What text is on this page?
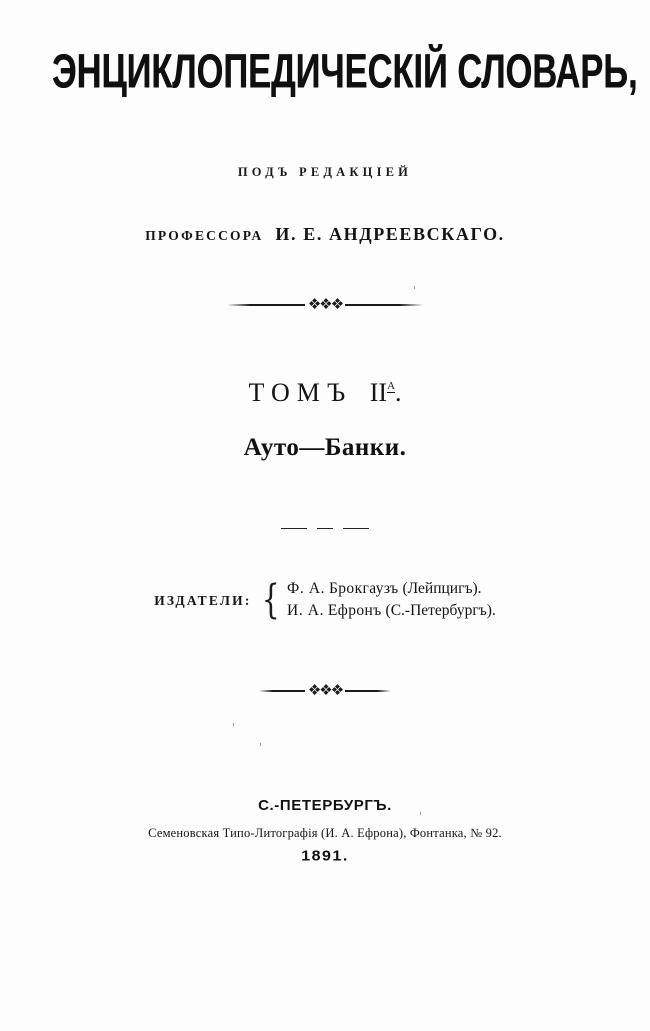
ЭНЦИКЛОПЕДИЧЕСКІЙ СЛОВАРЬ,
ПОДЪ РЕДАКЦІЕЙ
ПРОФЕССОРА И. Е. АНДРЕЕВСКАГО.
❖❖❖
ТОМЪ $II^A$.
Ауто—Банки.
ИЗДАТЕЛИ: { Ф. А. Брокгаузъ (Лейпцигъ).
И. А. Ефронъ (С.-Петербургъ).
❖❖❖
С.-ПЕТЕРБУРГЪ.
Семеновская Типо-Литографія (И. А. Ефрона), Фонтанка, № 92.
1891.
